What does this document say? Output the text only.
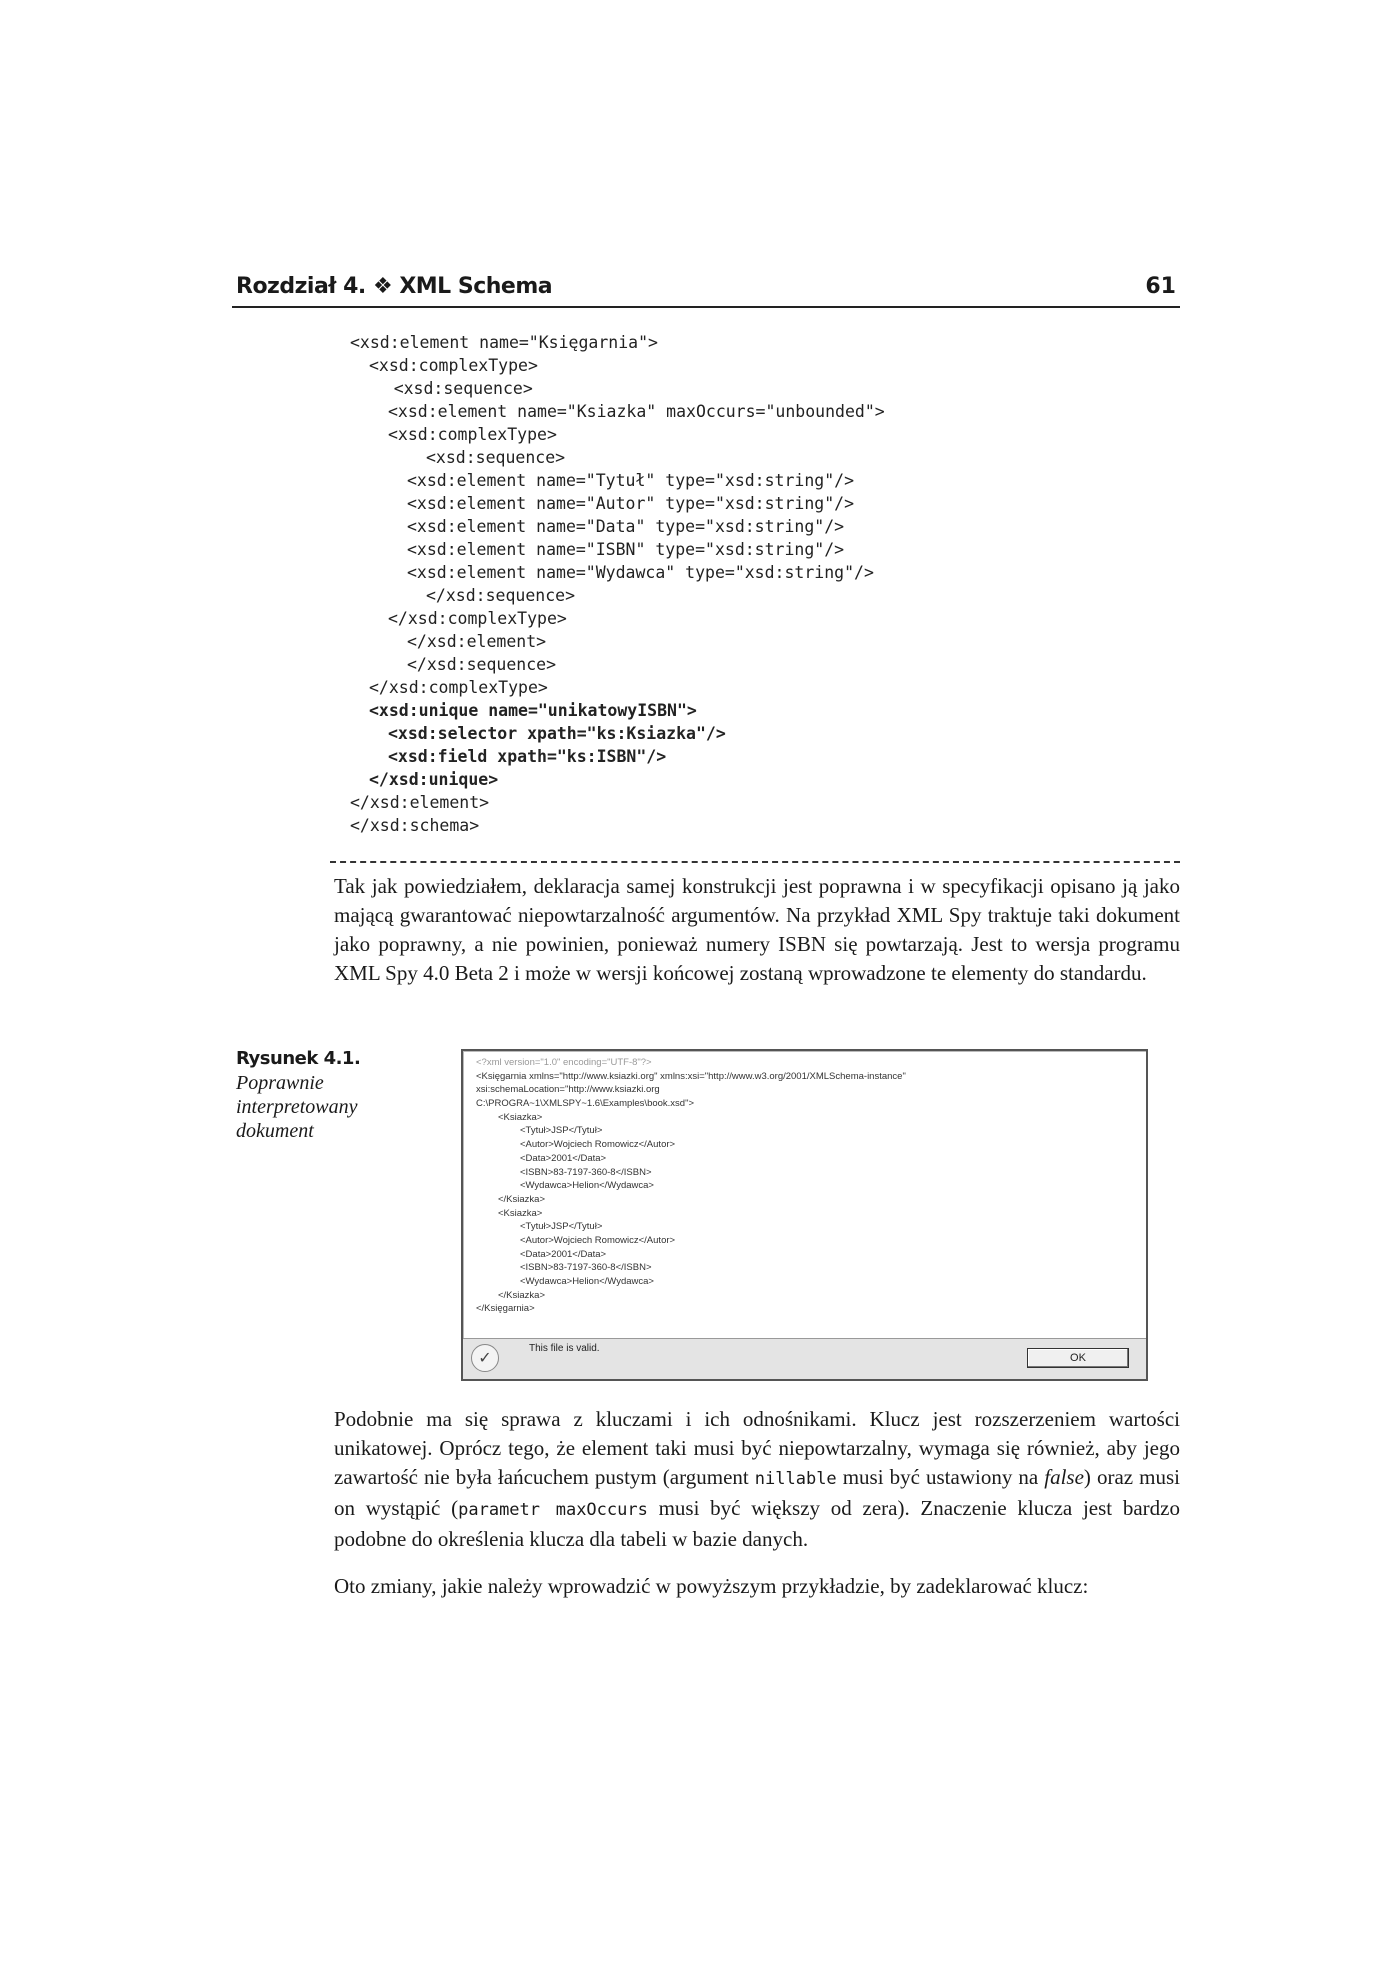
Rozdział 4. ❖ XML Schema	61
<xsd:element name="Księgarnia">
<xsd:complexType>
<xsd:sequence>
<xsd:element name="Ksiazka" maxOccurs="unbounded">
<xsd:complexType>
<xsd:sequence>
<xsd:element name="Tytuł" type="xsd:string"/>
<xsd:element name="Autor" type="xsd:string"/>
<xsd:element name="Data" type="xsd:string"/>
<xsd:element name="ISBN" type="xsd:string"/>
<xsd:element name="Wydawca" type="xsd:string"/>
</xsd:sequence>
</xsd:complexType>
</xsd:element>
</xsd:sequence>
</xsd:complexType>
<xsd:unique name="unikatowyISBN">
<xsd:selector xpath="ks:Ksiazka"/>
<xsd:field xpath="ks:ISBN"/>
</xsd:unique>
</xsd:element>
</xsd:schema>

Tak jak powiedziałem, deklaracja samej konstrukcji jest poprawna i w specyfikacji opisano ją jako mającą gwarantować niepowtarzalność argumentów. Na przykład XML Spy traktuje taki dokument jako poprawny, a nie powinien, ponieważ numery ISBN się powtarzają. Jest to wersja programu XML Spy 4.0 Beta 2 i może w wersji końcowej zostaną wprowadzone te elementy do standardu.

Rysunek 4.1.
Poprawnie interpretowany dokument
<?xml version="1.0" encoding="UTF-8"?>
<Księgarnia xmlns="http://www.ksiazki.org" xmlns:xsi="http://www.w3.org/2001/XMLSchema-instance"
xsi:schemaLocation="http://www.ksiazki.org
C:\PROGRA~1\XMLSPY~1.6\Examples\book.xsd">
<Ksiazka>
<Tytuł>JSP</Tytuł>
<Autor>Wojciech Romowicz</Autor>
<Data>2001</Data>
<ISBN>83-7197-360-8</ISBN>
<Wydawca>Helion</Wydawca>
</Ksiazka>
<Ksiazka>
<Tytuł>JSP</Tytuł>
<Autor>Wojciech Romowicz</Autor>
<Data>2001</Data>
<ISBN>83-7197-360-8</ISBN>
<Wydawca>Helion</Wydawca>
</Ksiazka>
</Księgarnia>
✓	This file is valid.
OK

Podobnie ma się sprawa z kluczami i ich odnośnikami. Klucz jest rozszerzeniem wartości unikatowej. Oprócz tego, że element taki musi być niepowtarzalny, wymaga się również, aby jego zawartość nie była łańcuchem pustym (argument nillable musi być ustawiony na false) oraz musi on wystąpić (parametr maxOccurs musi być większy od zera). Znaczenie klucza jest bardzo podobne do określenia klucza dla tabeli w bazie danych.

Oto zmiany, jakie należy wprowadzić w powyższym przykładzie, by zadeklarować klucz:
